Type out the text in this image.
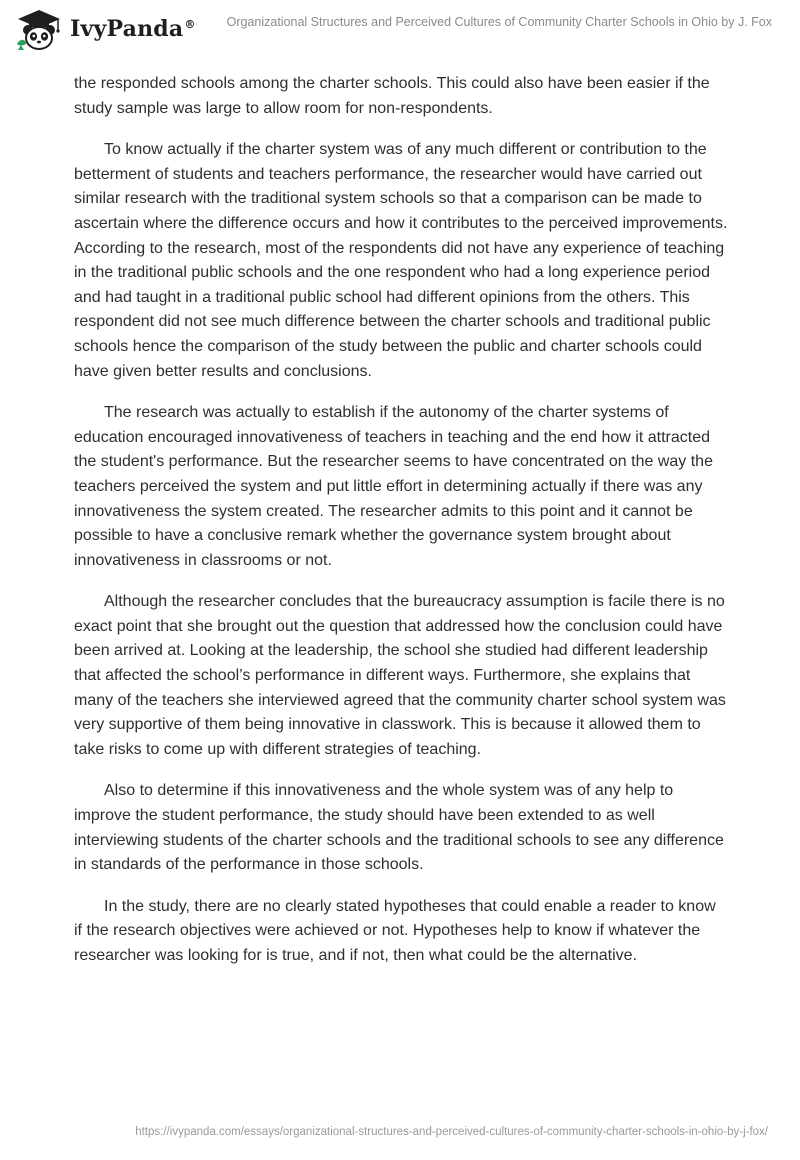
IvyPanda® Organizational Structures and Perceived Cultures of Community Charter Schools in Ohio by J. Fox

the responded schools among the charter schools. This could also have been easier if the study sample was large to allow room for non-respondents.

To know actually if the charter system was of any much different or contribution to the betterment of students and teachers performance, the researcher would have carried out similar research with the traditional system schools so that a comparison can be made to ascertain where the difference occurs and how it contributes to the perceived improvements. According to the research, most of the respondents did not have any experience of teaching in the traditional public schools and the one respondent who had a long experience period and had taught in a traditional public school had different opinions from the others. This respondent did not see much difference between the charter schools and traditional public schools hence the comparison of the study between the public and charter schools could have given better results and conclusions.

The research was actually to establish if the autonomy of the charter systems of education encouraged innovativeness of teachers in teaching and the end how it attracted the student's performance. But the researcher seems to have concentrated on the way the teachers perceived the system and put little effort in determining actually if there was any innovativeness the system created. The researcher admits to this point and it cannot be possible to have a conclusive remark whether the governance system brought about innovativeness in classrooms or not.

Although the researcher concludes that the bureaucracy assumption is facile there is no exact point that she brought out the question that addressed how the conclusion could have been arrived at. Looking at the leadership, the school she studied had different leadership that affected the school’s performance in different ways. Furthermore, she explains that many of the teachers she interviewed agreed that the community charter school system was very supportive of them being innovative in classwork. This is because it allowed them to take risks to come up with different strategies of teaching.

Also to determine if this innovativeness and the whole system was of any help to improve the student performance, the study should have been extended to as well interviewing students of the charter schools and the traditional schools to see any difference in standards of the performance in those schools.

In the study, there are no clearly stated hypotheses that could enable a reader to know if the research objectives were achieved or not. Hypotheses help to know if whatever the researcher was looking for is true, and if not, then what could be the alternative.

https://ivypanda.com/essays/organizational-structures-and-perceived-cultures-of-community-charter-schools-in-ohio-by-j-fox/
